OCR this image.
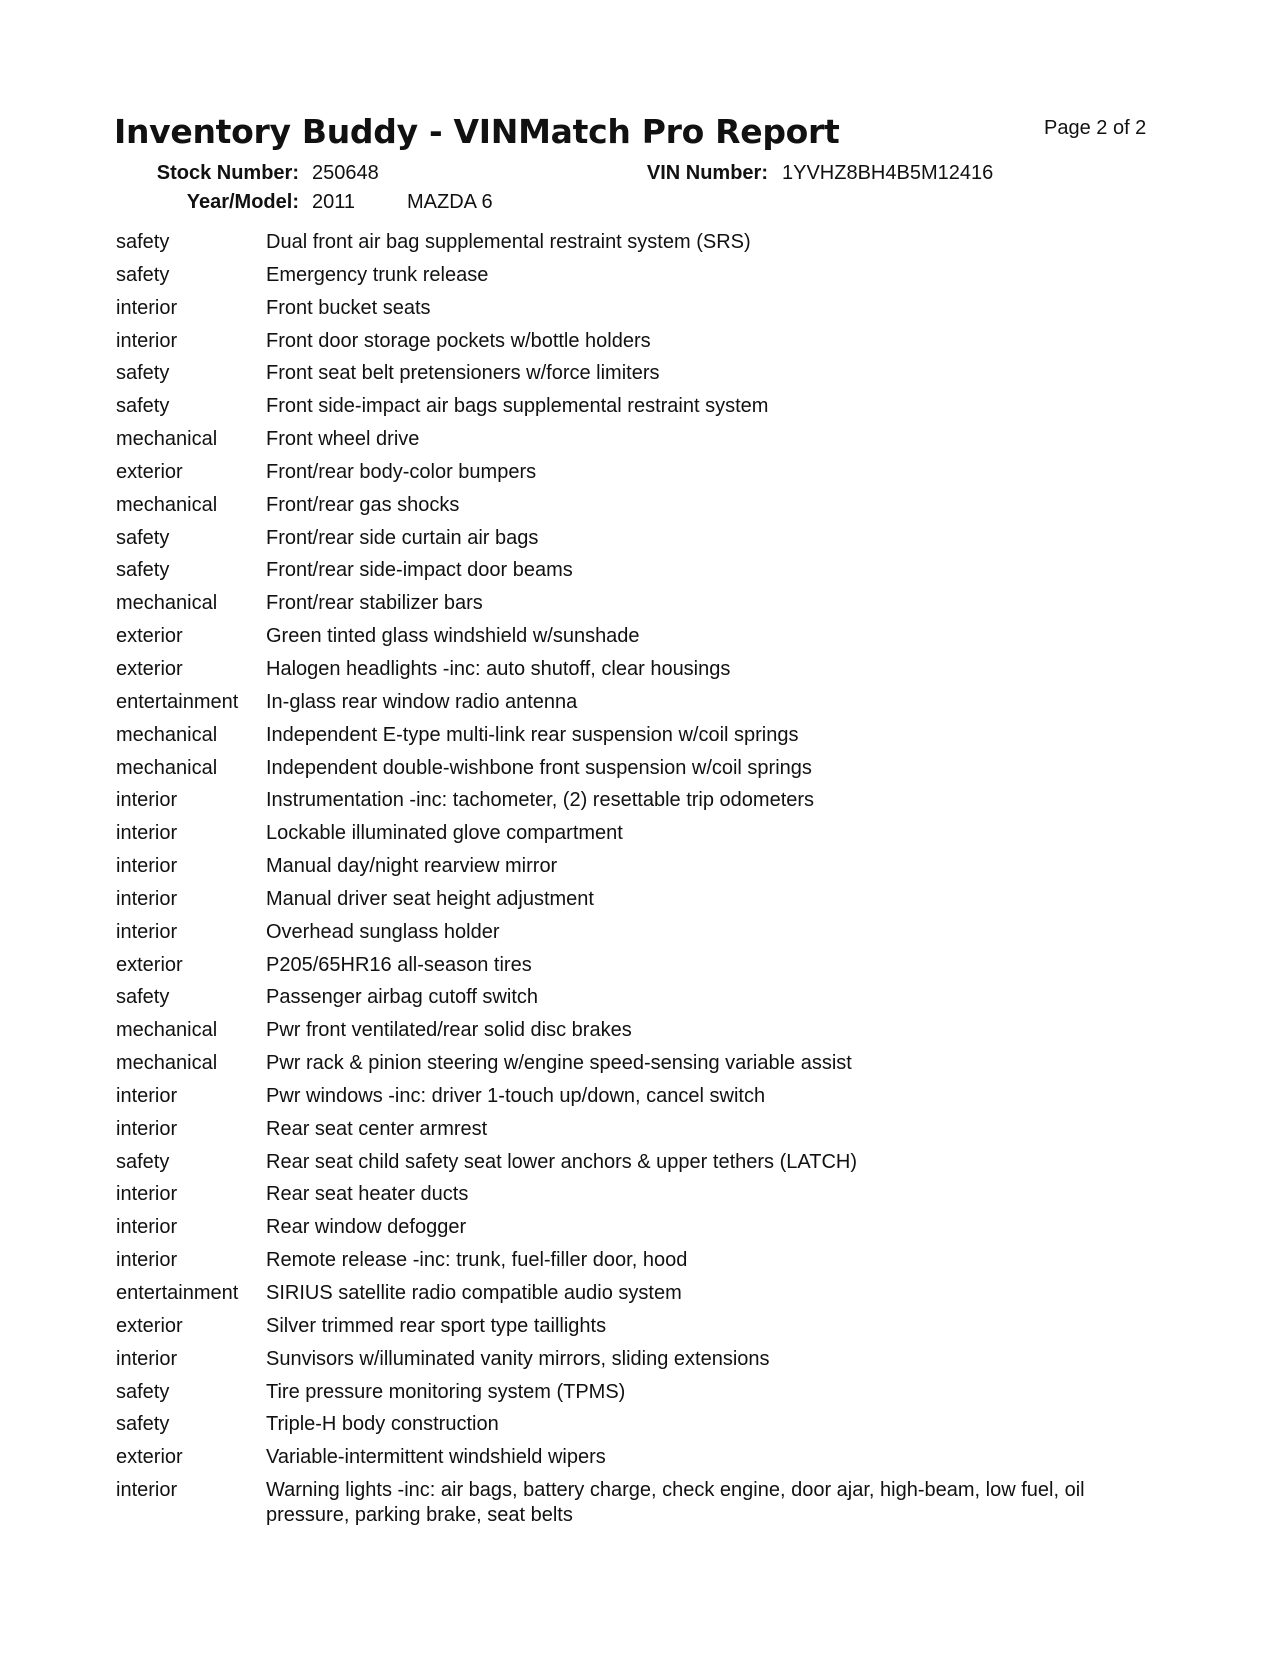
Inventory Buddy - VINMatch Pro Report	Page 2 of 2
Stock Number: 250648	VIN Number: 1YVHZ8BH4B5M12416
Year/Model: 2011	MAZDA 6
safety	Dual front air bag supplemental restraint system (SRS)
safety	Emergency trunk release
interior	Front bucket seats
interior	Front door storage pockets w/bottle holders
safety	Front seat belt pretensioners w/force limiters
safety	Front side-impact air bags supplemental restraint system
mechanical	Front wheel drive
exterior	Front/rear body-color bumpers
mechanical	Front/rear gas shocks
safety	Front/rear side curtain air bags
safety	Front/rear side-impact door beams
mechanical	Front/rear stabilizer bars
exterior	Green tinted glass windshield w/sunshade
exterior	Halogen headlights -inc: auto shutoff, clear housings
entertainment	In-glass rear window radio antenna
mechanical	Independent E-type multi-link rear suspension w/coil springs
mechanical	Independent double-wishbone front suspension w/coil springs
interior	Instrumentation -inc: tachometer, (2) resettable trip odometers
interior	Lockable illuminated glove compartment
interior	Manual day/night rearview mirror
interior	Manual driver seat height adjustment
interior	Overhead sunglass holder
exterior	P205/65HR16 all-season tires
safety	Passenger airbag cutoff switch
mechanical	Pwr front ventilated/rear solid disc brakes
mechanical	Pwr rack & pinion steering w/engine speed-sensing variable assist
interior	Pwr windows -inc: driver 1-touch up/down, cancel switch
interior	Rear seat center armrest
safety	Rear seat child safety seat lower anchors & upper tethers (LATCH)
interior	Rear seat heater ducts
interior	Rear window defogger
interior	Remote release -inc: trunk, fuel-filler door, hood
entertainment	SIRIUS satellite radio compatible audio system
exterior	Silver trimmed rear sport type taillights
interior	Sunvisors w/illuminated vanity mirrors, sliding extensions
safety	Tire pressure monitoring system (TPMS)
safety	Triple-H body construction
exterior	Variable-intermittent windshield wipers
interior	Warning lights -inc: air bags, battery charge, check engine, door ajar, high-beam, low fuel, oil pressure, parking brake, seat belts
